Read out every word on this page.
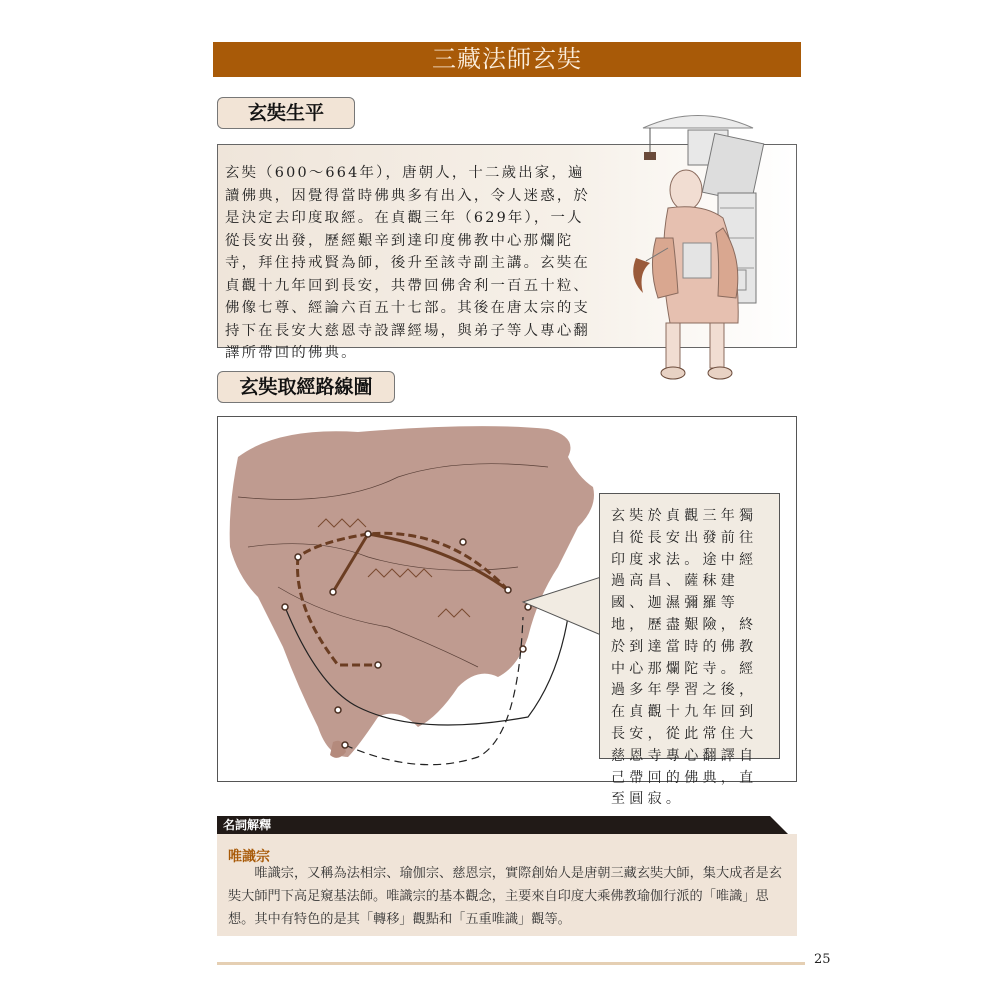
三藏法師玄奘
玄奘生平
玄奘（600～664年），唐朝人，十二歲出家，遍讀佛典，因覺得當時佛典多有出入，令人迷惑，於是決定去印度取經。在貞觀三年（629年），一人從長安出發，歷經艱辛到達印度佛教中心那爛陀寺，拜住持戒賢為師，後升至該寺副主講。玄奘在貞觀十九年回到長安，共帶回佛舍利一百五十粒、佛像七尊、經論六百五十七部。其後在唐太宗的支持下在長安大慈恩寺設譯經場，與弟子等人專心翻譯所帶回的佛典。
玄奘取經路線圖
玄奘於貞觀三年獨自從長安出發前往印度求法。途中經過高昌、薩秣建國、迦濕彌羅等地，歷盡艱險，終於到達當時的佛教中心那爛陀寺。經過多年學習之後，在貞觀十九年回到長安，從此常住大慈恩寺專心翻譯自己帶回的佛典，直至圓寂。
名詞解釋
唯識宗
唯識宗，又稱為法相宗、瑜伽宗、慈恩宗，實際創始人是唐朝三藏玄奘大師，集大成者是玄奘大師門下高足窺基法師。唯識宗的基本觀念，主要來自印度大乘佛教瑜伽行派的「唯識」思想。其中有特色的是其「轉移」觀點和「五重唯識」觀等。
25
